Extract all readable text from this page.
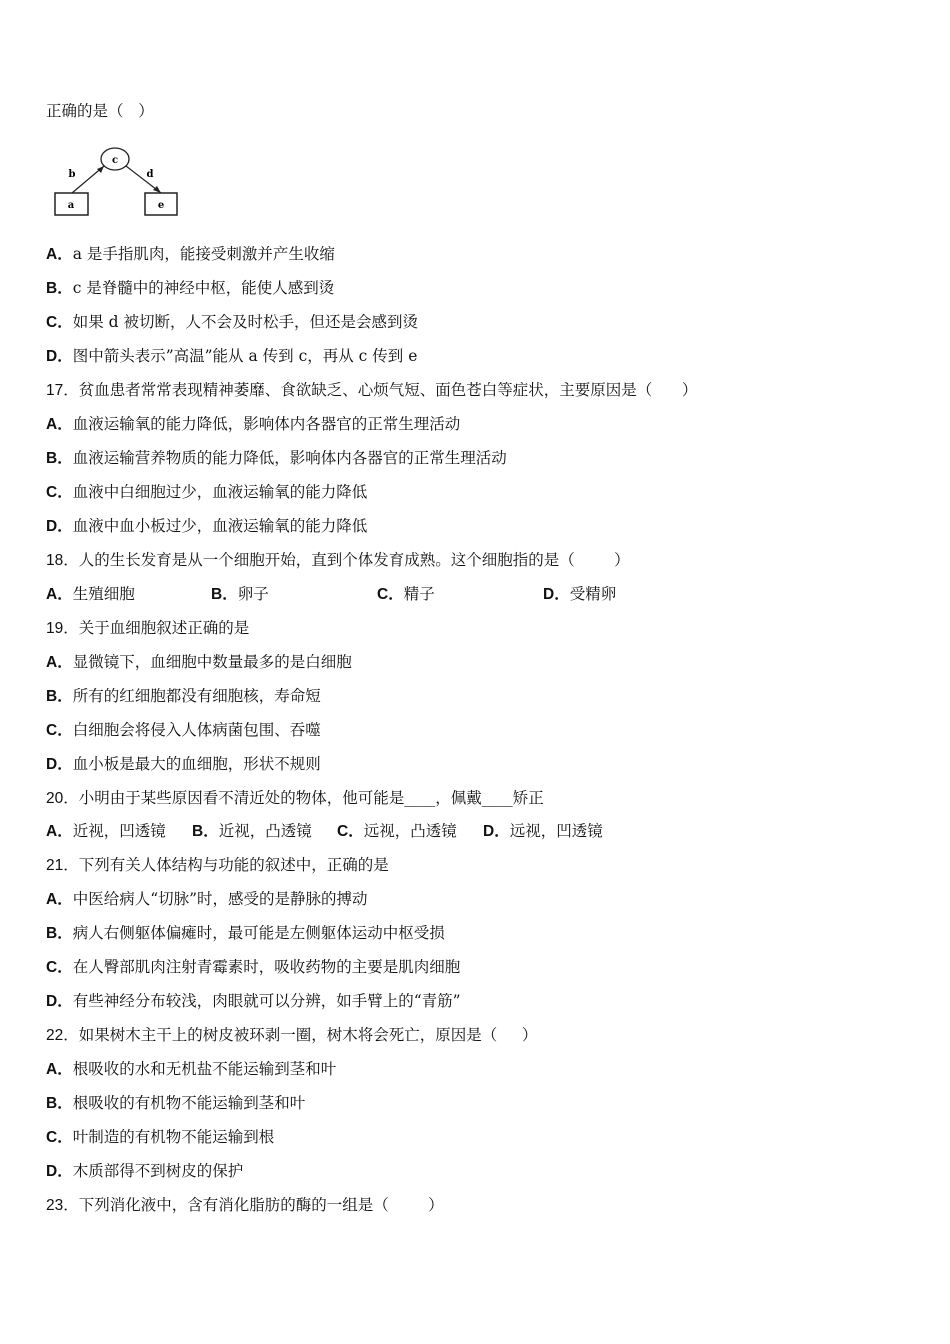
正确的是（   ）
c
b	d
a	e
A．a 是手指肌肉，能接受刺激并产生收缩
B．c 是脊髓中的神经中枢，能使人感到烫
C．如果 d 被切断，人不会及时松手，但还是会感到烫
D．图中箭头表示”高温”能从 a 传到 c，再从 c 传到 e
17．贫血患者常常表现精神萎靡、食欲缺乏、心烦气短、面色苍白等症状，主要原因是（      ）
A．血液运输氧的能力降低，影响体内各器官的正常生理活动
B．血液运输营养物质的能力降低，影响体内各器官的正常生理活动
C．血液中白细胞过少，血液运输氧的能力降低
D．血液中血小板过少，血液运输氧的能力降低
18．人的生长发育是从一个细胞开始，直到个体发育成熟。这个细胞指的是（        ）
A．生殖细胞	B．卵子	C．精子	D．受精卵
19．关于血细胞叙述正确的是
A．显微镜下，血细胞中数量最多的是白细胞
B．所有的红细胞都没有细胞核，寿命短
C．白细胞会将侵入人体病菌包围、吞噬
D．血小板是最大的血细胞，形状不规则
20．小明由于某些原因看不清近处的物体，他可能是____，佩戴____矫正
A．近视，凹透镜 B．近视，凸透镜 C．远视，凸透镜 D．远视，凹透镜
21．下列有关人体结构与功能的叙述中，正确的是
A．中医给病人“切脉”时，感受的是静脉的搏动
B．病人右侧躯体偏瘫时，最可能是左侧躯体运动中枢受损
C．在人臀部肌肉注射青霉素时，吸收药物的主要是肌肉细胞
D．有些神经分布较浅，肉眼就可以分辨，如手臂上的“青筋”
22．如果树木主干上的树皮被环剥一圈，树木将会死亡，原因是（     ）
A．根吸收的水和无机盐不能运输到茎和叶
B．根吸收的有机物不能运输到茎和叶
C．叶制造的有机物不能运输到根
D．木质部得不到树皮的保护
23．下列消化液中，含有消化脂肪的酶的一组是（        ）
